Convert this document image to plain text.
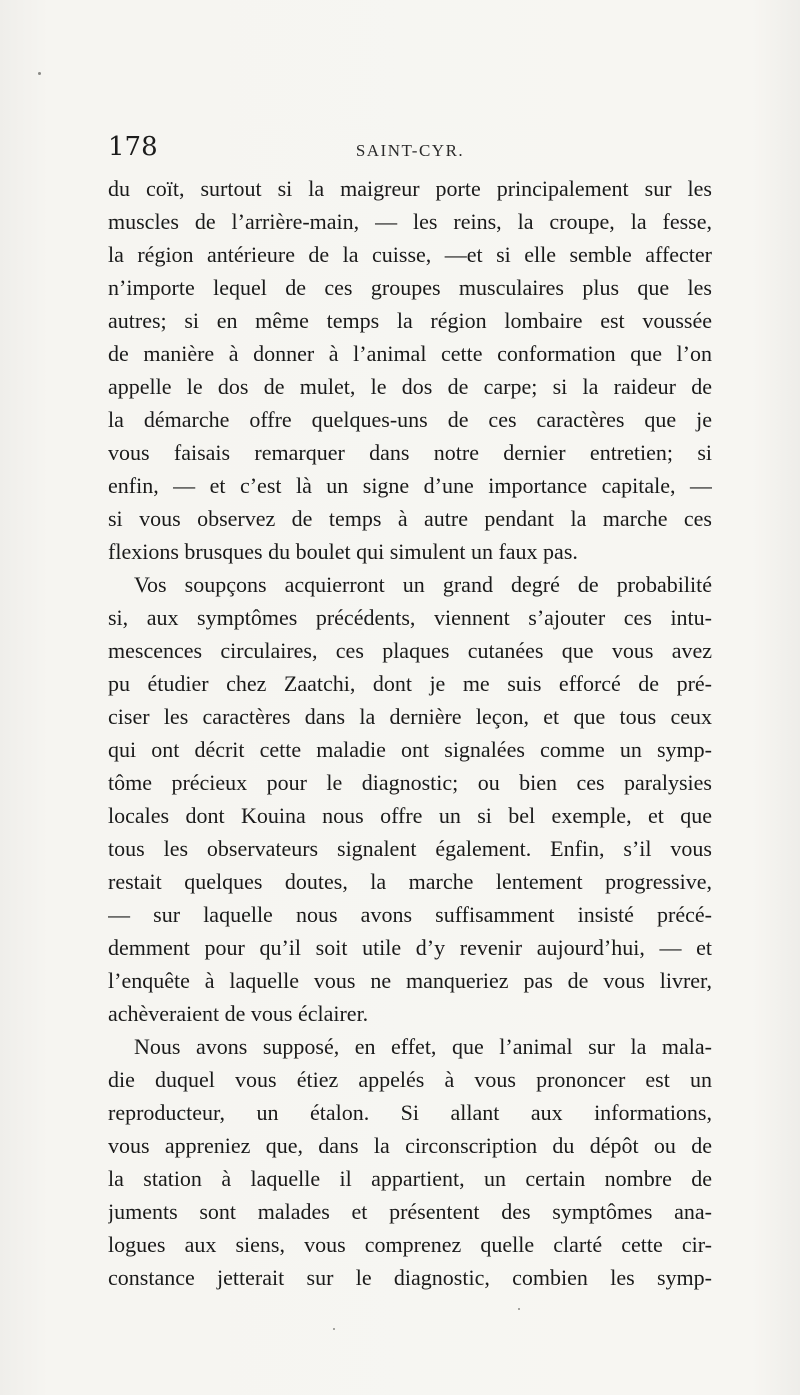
178	SAINT-CYR.
du coït, surtout si la maigreur porte principalement sur les
muscles de l’arrière-main, — les reins, la croupe, la fesse,
la région antérieure de la cuisse, —et si elle semble affecter
n’importe lequel de ces groupes musculaires plus que les
autres; si en même temps la région lombaire est voussée
de manière à donner à l’animal cette conformation que l’on
appelle le dos de mulet, le dos de carpe; si la raideur de
la démarche offre quelques-uns de ces caractères que je
vous faisais remarquer dans notre dernier entretien; si
enfin, — et c’est là un signe d’une importance capitale, —
si vous observez de temps à autre pendant la marche ces
flexions brusques du boulet qui simulent un faux pas.
Vos soupçons acquierront un grand degré de probabilité
si, aux symptômes précédents, viennent s’ajouter ces intu-
mescences circulaires, ces plaques cutanées que vous avez
pu étudier chez Zaatchi, dont je me suis efforcé de pré-
ciser les caractères dans la dernière leçon, et que tous ceux
qui ont décrit cette maladie ont signalées comme un symp-
tôme précieux pour le diagnostic; ou bien ces paralysies
locales dont Kouina nous offre un si bel exemple, et que
tous les observateurs signalent également. Enfin, s’il vous
restait quelques doutes, la marche lentement progressive,
— sur laquelle nous avons suffisamment insisté précé-
demment pour qu’il soit utile d’y revenir aujourd’hui, — et
l’enquête à laquelle vous ne manqueriez pas de vous livrer,
achèveraient de vous éclairer.
Nous avons supposé, en effet, que l’animal sur la mala-
die duquel vous étiez appelés à vous prononcer est un
reproducteur, un étalon. Si allant aux informations,
vous appreniez que, dans la circonscription du dépôt ou de
la station à laquelle il appartient, un certain nombre de
juments sont malades et présentent des symptômes ana-
logues aux siens, vous comprenez quelle clarté cette cir-
constance jetterait sur le diagnostic, combien les symp-
